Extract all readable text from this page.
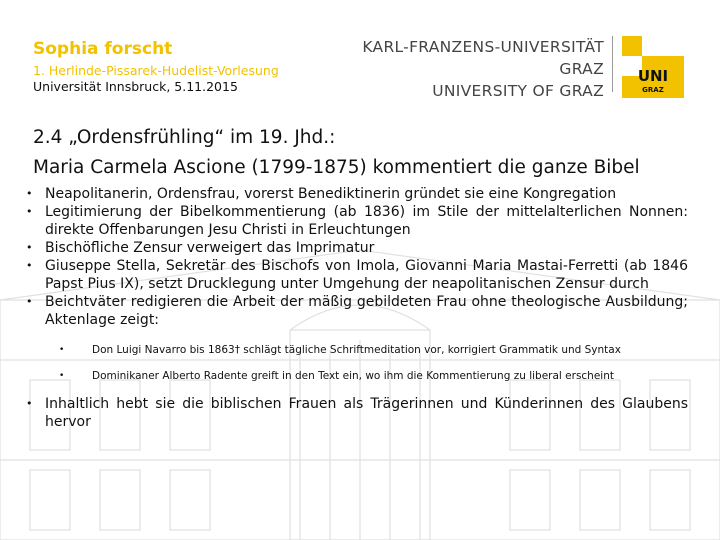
Sophia forscht
1. Herlinde-Pissarek-Hudelist-Vorlesung
Universität Innsbruck, 5.11.2015
KARL-FRANZENS-UNIVERSITÄT GRAZ
UNIVERSITY OF GRAZ
UNI
GRAZ
2.4 „Ordensfrühling“ im 19. Jhd.:
Maria Carmela Ascione (1799-1875) kommentiert die ganze Bibel
• Neapolitanerin, Ordensfrau, vorerst Benediktinerin gründet sie eine Kongregation
• Legitimierung der Bibelkommentierung (ab 1836) im Stile der mittelalterlichen Nonnen: direkte Offenbarungen Jesu Christi in Erleuchtungen
• Bischöfliche Zensur verweigert das Imprimatur
• Giuseppe Stella, Sekretär des Bischofs von Imola, Giovanni Maria Mastai-Ferretti (ab 1846 Papst Pius IX), setzt Drucklegung unter Umgehung der neapolitanischen Zensur durch
• Beichtväter redigieren die Arbeit der mäßig gebildeten Frau ohne theologische Ausbildung; Aktenlage zeigt:
•	Don Luigi Navarro bis 1863† schlägt tägliche Schriftmeditation vor, korrigiert Grammatik und Syntax
•	Dominikaner Alberto Radente greift in den Text ein, wo ihm die Kommentierung zu liberal erscheint
• Inhaltlich hebt sie die biblischen Frauen als Trägerinnen und Künderinnen des Glaubens hervor
